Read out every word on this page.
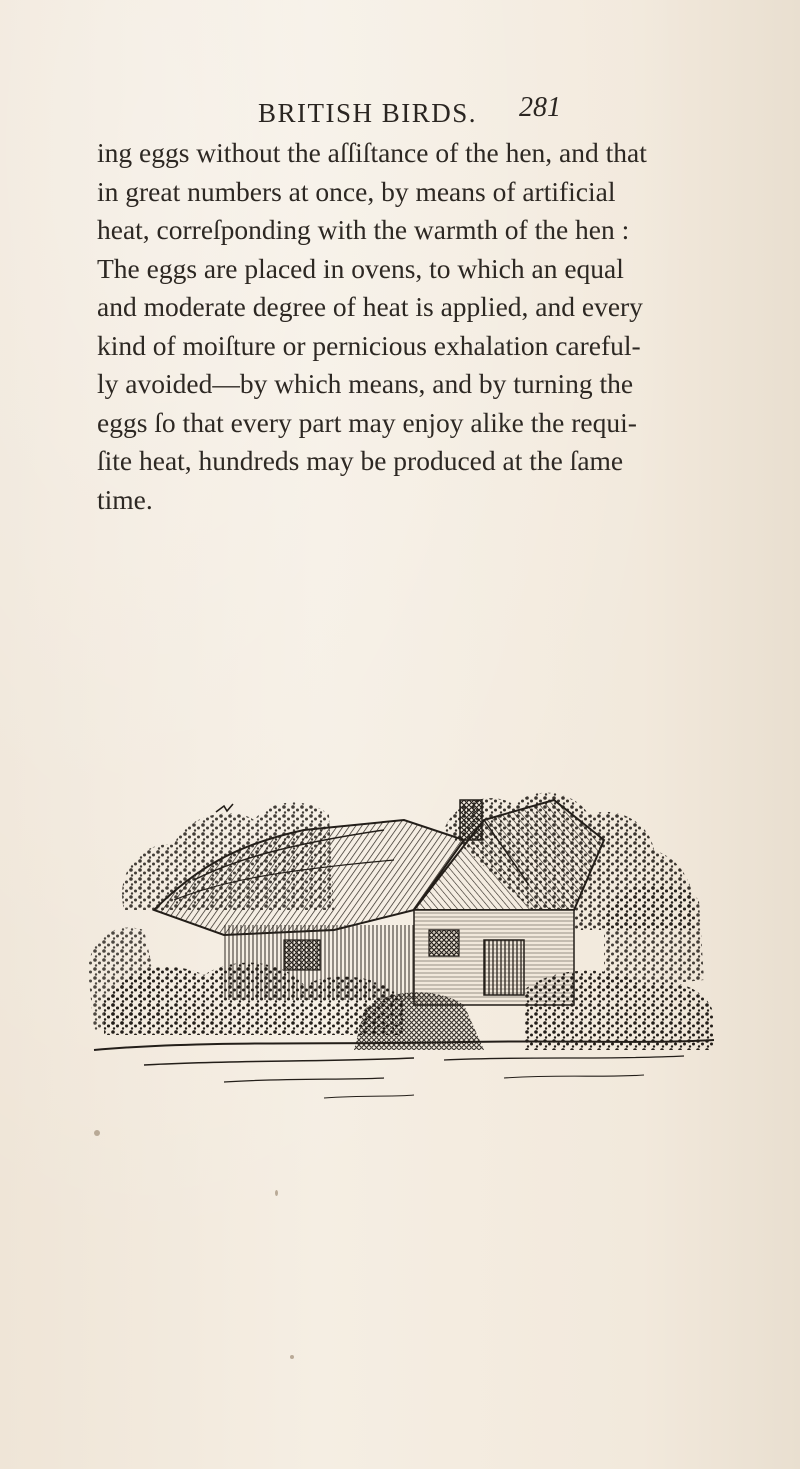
BRITISH BIRDS. 281

ing eggs without the aſſiſtance of the hen, and that
in great numbers at once, by means of artificial
heat, correſponding with the warmth of the hen :
The eggs are placed in ovens, to which an equal
and moderate degree of heat is applied, and every
kind of moiſture or pernicious exhalation careful-
ly avoided—by which means, and by turning the
eggs ſo that every part may enjoy alike the requi-
ſite heat, hundreds may be produced at the ſame
time.
